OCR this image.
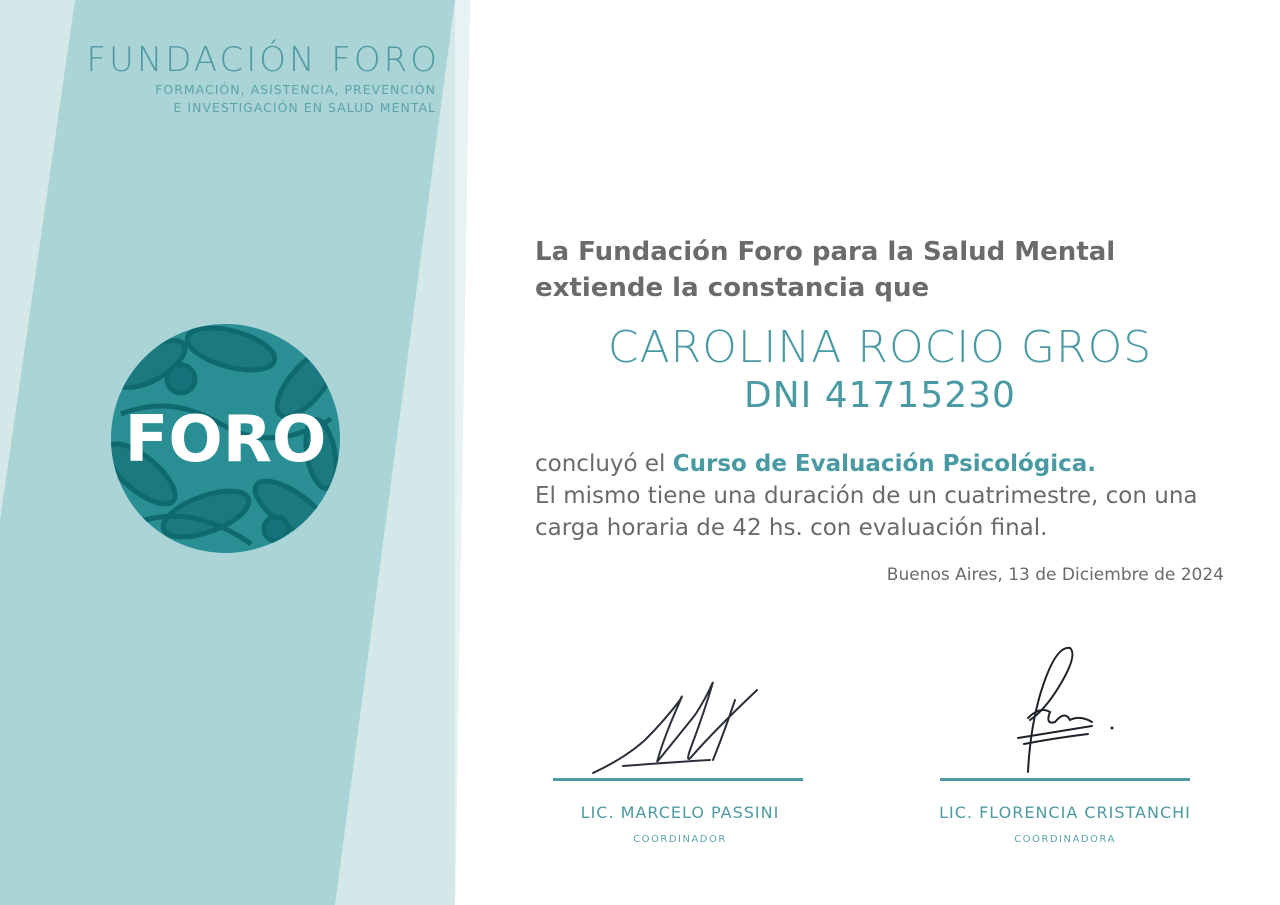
FUNDACIÓN FORO
FORMACIÓN, ASISTENCIA, PREVENCIÓN
E INVESTIGACIÓN EN SALUD MENTAL
FORO
La Fundación Foro para la Salud Mental extiende la constancia que
CAROLINA ROCIO GROS
DNI 41715230
concluyó el Curso de Evaluación Psicológica.
El mismo tiene una duración de un cuatrimestre, con una carga horaria de 42 hs. con evaluación final.
Buenos Aires, 13 de Diciembre de 2024
LIC. MARCELO PASSINI
COORDINADOR
LIC. FLORENCIA CRISTANCHI
COORDINADORA
